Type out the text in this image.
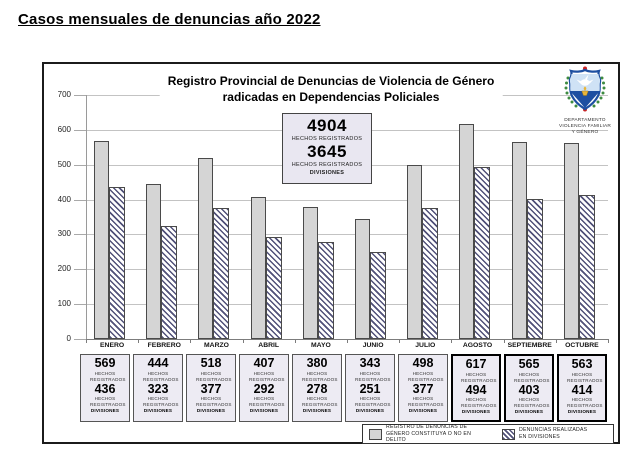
Casos mensuales de denuncias año 2022
0
100
200
300
400
500
600
700
ENERO	FEBRERO	MARZO	ABRIL	MAYO	JUNIO	JULIO	AGOSTO	SEPTIEMBRE	OCTUBRE
Registro Provincial de Denuncias de Violencia de Género
radicadas en Dependencias Policiales
4904
HECHOS REGISTRADOS
3645
HECHOS REGISTRADOS
DIVISIONES
DEPARTAMENTO
VIOLENCIA FAMILIAR
Y GÉNERO
569
HECHOS REGISTRADOS
436
HECHOS REGISTRADOS
DIVISIONES
444
HECHOS REGISTRADOS
323
HECHOS REGISTRADOS
DIVISIONES
518
HECHOS REGISTRADOS
377
HECHOS REGISTRADOS
DIVISIONES
407
HECHOS REGISTRADOS
292
HECHOS REGISTRADOS
DIVISIONES
380
HECHOS REGISTRADOS
278
HECHOS REGISTRADOS
DIVISIONES
343
HECHOS REGISTRADOS
251
HECHOS REGISTRADOS
DIVISIONES
498
HECHOS REGISTRADOS
377
HECHOS REGISTRADOS
DIVISIONES
617
HECHOS REGISTRADOS
494
HECHOS REGISTRADOS
DIVISIONES
565
HECHOS REGISTRADOS
403
HECHOS REGISTRADOS
DIVISIONES
563
HECHOS REGISTRADOS
414
HECHOS REGISTRADOS
DIVISIONES
REGISTRO DE DENUNCIAS DE GÉNERO CONSTITUYA O NO EN DELITO
DENUNCIAS REALIZADAS EN DIVISIONES
